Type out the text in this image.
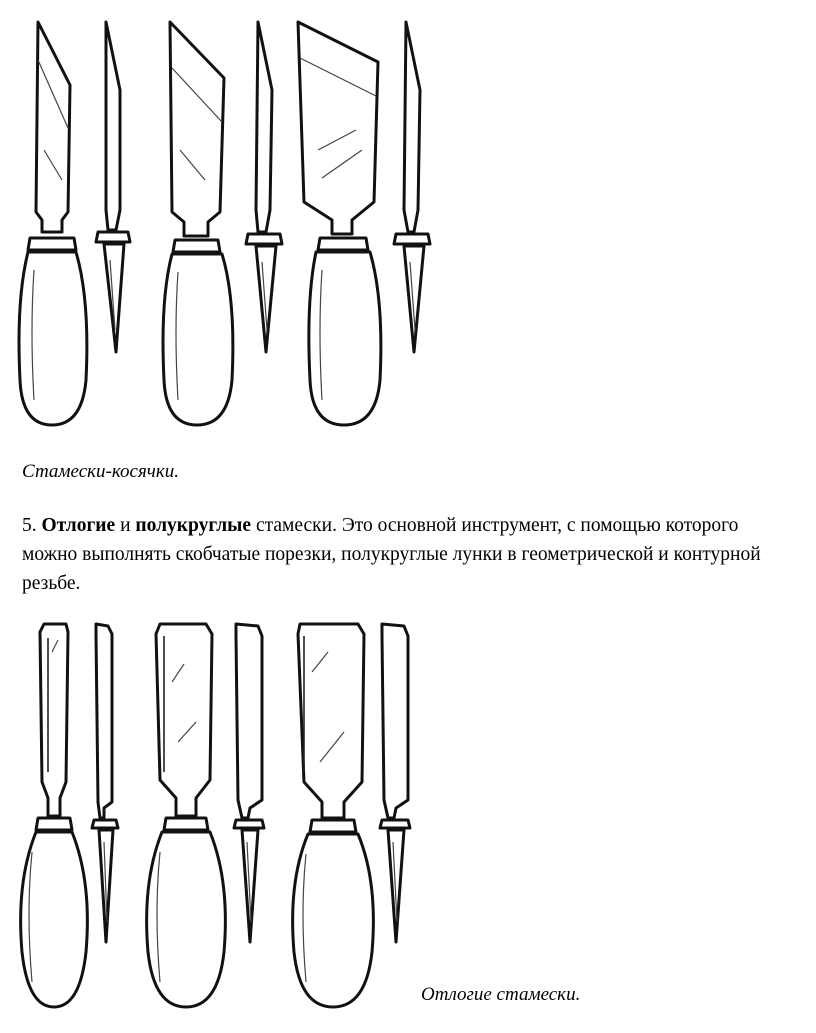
Стамески-косячки.
5. Отлогие и полукруглые стамески. Это основной инструмент, с помощью которого можно выполнять скобчатые порезки, полукруглые лунки в геометрической и контурной резьбе.
Отлогие стамески.
